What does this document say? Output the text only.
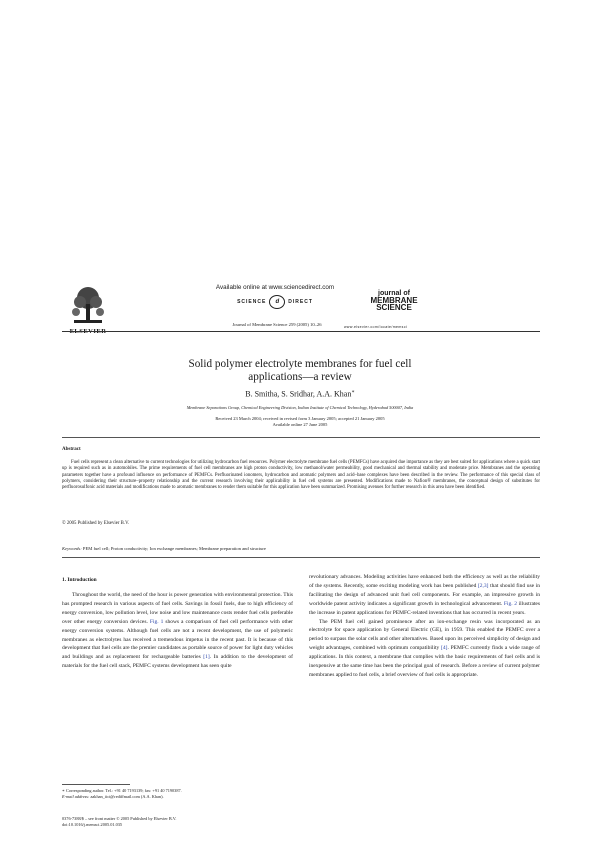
ELSEVIER
Available online at www.sciencedirect.com
SCIENCE	d	DIRECT
Journal of Membrane Science 259 (2005) 10–26
journal of
MEMBRANE
SCIENCE
www.elsevier.com/locate/memsci
Solid polymer electrolyte membranes for fuel cell
applications—a review
B. Smitha, S. Sridhar, A.A. Khan∗
Membrane Separations Group, Chemical Engineering Division, Indian Institute of Chemical Technology, Hyderabad 500007, India
Received 23 March 2004; received in revised form 3 January 2005; accepted 21 January 2005
Available online 27 June 2005
Abstract
Fuel cells represent a clean alternative to current technologies for utilizing hydrocarbon fuel resources. Polymer electrolyte membrane fuel cells (PEMFCs) have acquired due importance as they are best suited for applications where a quick start up is required such as in automobiles. The prime requirements of fuel cell membranes are high proton conductivity, low methanol/water permeability, good mechanical and thermal stability and moderate price. Membranes and the operating parameters together have a profound influence on performance of PEMFCs. Perfluorinated ionomers, hydrocarbon and aromatic polymers and acid–base complexes have been described in the review. The performance of this special class of polymers, considering their structure–property relationship and the current research involving their applicability in fuel cell systems are presented. Modifications made to Nafion® membranes, the conceptual design of substitutes for perfluorosulfonic acid materials and modifications made to aromatic membranes to render them suitable for this application have been summarized. Promising avenues for further research in this area have been identified.
© 2005 Published by Elsevier B.V.
Keywords: PEM fuel cell; Proton conductivity; Ion exchange membranes; Membrane preparation and structure
1. Introduction

Throughout the world, the need of the hour is power generation with environmental protection. This has prompted research in various aspects of fuel cells. Savings in fossil fuels, due to high efficiency of energy conversion, low pollution level, low noise and low maintenance costs render fuel cells preferable over other energy conversion devices. Fig. 1 shows a comparison of fuel cell performance with other energy conversion systems. Although fuel cells are not a recent development, the use of polymeric membranes as electrolytes has received a tremendous impetus in the recent past. It is because of this development that fuel cells are the premier candidates as portable source of power for light duty vehicles and buildings and as replacement for rechargeable batteries [1]. In addition to the development of materials for the fuel cell stack, PEMFC systems development has seen quite

revolutionary advances. Modeling activities have enhanced both the efficiency as well as the reliability of the systems. Recently, some exciting modeling work has been published [2,3] that should find use in facilitating the design of advanced unit fuel cell components. For example, an impressive growth in worldwide patent activity indicates a significant growth in technological advancement. Fig. 2 illustrates the increase in patent applications for PEMFC-related inventions that has occurred in recent years.

The PEM fuel cell gained prominence after an ion-exchange resin was incorporated as an electrolyte for space application by General Electric (GE), in 1959. This enabled the PEMFC over a period to surpass the solar cells and other alternatives. Based upon its perceived simplicity of design and weight advantages, combined with optimum compatibility [4]. PEMFC currently finds a wide range of applications. In this context, a membrane that complies with the basic requirements of fuel cells and is inexpensive at the same time has been the principal goal of research. Before a review of current polymer membranes applied to fuel cells, a brief overview of fuel cells is appropriate.

∗ Corresponding author. Tel.: +91 40 7193139; fax: +91 40 7190387.
E-mail address: aakhan_iict@rediffmail.com (A.A. Khan).
0376-7388/$ – see front matter © 2005 Published by Elsevier B.V.
doi:10.1016/j.memsci.2005.01.035
